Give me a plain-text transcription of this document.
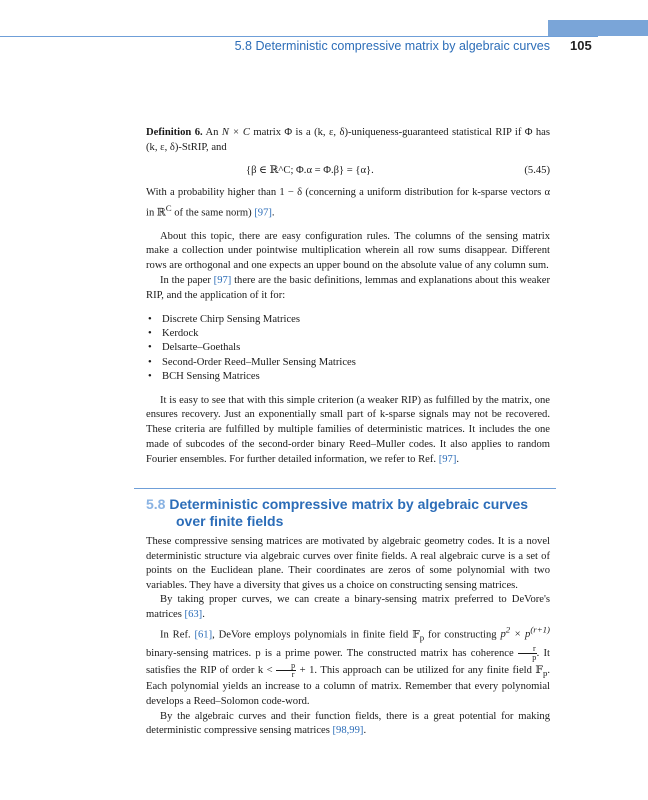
5.8 Deterministic compressive matrix by algebraic curves 105

Definition 6. An N × C matrix Φ is a (k, ε, δ)-uniqueness-guaranteed statistical RIP if Φ has (k, ε, δ)-StRIP, and

{β ∈ ℝ^C; Φ.α = Φ.β} = {α}.	(5.45)

With a probability higher than 1 − δ (concerning a uniform distribution for k-sparse vectors α in ℝ$^C$ of the same norm) [97].

About this topic, there are easy configuration rules. The columns of the sensing matrix make a collection under pointwise multiplication wherein all row sums disappear. Different rows are orthogonal and one expects an upper bound on the absolute value of any column sum.

In the paper [97] there are the basic definitions, lemmas and explanations about this weaker RIP, and the application of it for:

• Discrete Chirp Sensing Matrices
• Kerdock
• Delsarte–Goethals
• Second-Order Reed–Muller Sensing Matrices
• BCH Sensing Matrices

It is easy to see that with this simple criterion (a weaker RIP) as fulfilled by the matrix, one ensures recovery. Just an exponentially small part of k-sparse signals may not be recovered. These criteria are fulfilled by multiple families of deterministic matrices. It includes the one made of subcodes of the second-order binary Reed–Muller codes. It also applies to random Fourier ensembles. For further detailed information, we refer to Ref. [97].

5.8 Deterministic compressive matrix by algebraic curves
over finite fields

These compressive sensing matrices are motivated by algebraic geometry codes. It is a novel deterministic structure via algebraic curves over finite fields. A real algebraic curve is a set of points on the Euclidean plane. Their coordinates are zeros of some polynomial with two variables. They have a diversity that gives us a choice on constructing sensing matrices.

By taking proper curves, we can create a binary-sensing matrix preferred to DeVore's matrices [63].

In Ref. [61], DeVore employs polynomials in finite field 𝔽$_p$ for constructing $p^2 \times p^{(r+1)}$ binary-sensing matrices. p is a prime power. The constructed matrix has coherence $\frac{r}{p}$ . It satisfies the RIP of order $k < \frac{p}{r} + 1$. This approach can be utilized for any finite field 𝔽$_p$. Each polynomial yields an increase to a column of matrix. Remember that every polynomial develops a Reed–Solomon code-word.

By the algebraic curves and their function fields, there is a great potential for making deterministic compressive sensing matrices [98,99].
